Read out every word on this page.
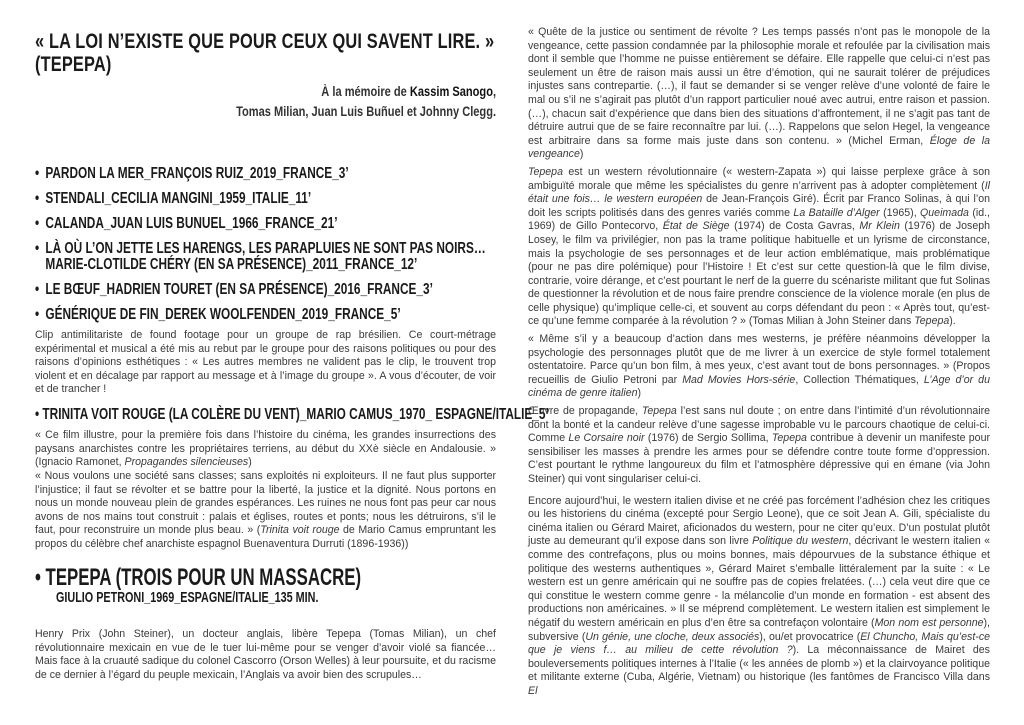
« LA LOI N’EXISTE QUE POUR CEUX QUI SAVENT LIRE. » (TEPEPA)
À la mémoire de Kassim Sanogo,
Tomas Milian, Juan Luis Buñuel et Johnny Clegg.
• PARDON LA MER_FRANÇOIS RUIZ_2019_FRANCE_3’
• STENDALI_CECILIA MANGINI_1959_ITALIE_11’
• CALANDA_JUAN LUIS BUNUEL_1966_FRANCE_21’
• LÀ OÙ L’ON JETTE LES HARENGS, LES PARAPLUIES NE SONT PAS NOIRS…
MARIE-CLOTILDE CHÉRY (EN SA PRÉSENCE)_2011_FRANCE_12’
• LE BŒUF_HADRIEN TOURET (EN SA PRÉSENCE)_2016_FRANCE_3’
• GÉNÉRIQUE DE FIN_DEREK WOOLFENDEN_2019_FRANCE_5’

Clip antimilitariste de found footage pour un groupe de rap brésilien. Ce court-métrage expérimental et musical a été mis au rebut par le groupe pour des raisons politiques ou pour des raisons d’opinions esthétiques : « Les autres membres ne valident pas le clip, le trouvent trop violent et en décalage par rapport au message et à l’image du groupe ». A vous d’écouter, de voir et de trancher !

• TRINITA VOIT ROUGE (LA COLÈRE DU VENT)_MARIO CAMUS_1970_ ESPAGNE/ITALIE_5’

« Ce film illustre, pour la première fois dans l’histoire du cinéma, les grandes insurrections des paysans anarchistes contre les propriétaires terriens, au début du XXè siècle en Andalousie. » (Ignacio Ramonet, Propagandes silencieuses)

« Nous voulons une société sans classes; sans exploités ni exploiteurs. Il ne faut plus supporter l’injustice; il faut se révolter et se battre pour la liberté, la justice et la dignité. Nous portons en nous un monde nouveau plein de grandes espérances. Les ruines ne nous font pas peur car nous avons de nos mains tout construit : palais et églises, routes et ponts; nous les détruirons, s’il le faut, pour reconstruire un monde plus beau. » (Trinita voit rouge de Mario Camus empruntant les propos du célèbre chef anarchiste espagnol Buenaventura Durruti (1896-1936))

• TEPEPA (TROIS POUR UN MASSACRE)
GIULIO PETRONI_1969_ESPAGNE/ITALIE_135 MIN.

Henry Prix (John Steiner), un docteur anglais, libère Tepepa (Tomas Milian), un chef révolutionnaire mexicain en vue de le tuer lui-même pour se venger d’avoir violé sa fiancée… Mais face à la cruauté sadique du colonel Cascorro (Orson Welles) à leur poursuite, et du racisme de ce dernier à l’égard du peuple mexicain, l’Anglais va avoir bien des scrupules…

« Quête de la justice ou sentiment de révolte ? Les temps passés n’ont pas le monopole de la vengeance, cette passion condamnée par la philosophie morale et refoulée par la civilisation mais dont il semble que l’homme ne puisse entièrement se défaire. Elle rappelle que celui-ci n’est pas seulement un être de raison mais aussi un être d’émotion, qui ne saurait tolérer de préjudices injustes sans contrepartie. (…), il faut se demander si se venger relève d’une volonté de faire le mal ou s’il ne s’agirait pas plutôt d’un rapport particulier noué avec autrui, entre raison et passion. (…), chacun sait d’expérience que dans bien des situations d’affrontement, il ne s’agit pas tant de détruire autrui que de se faire reconnaître par lui. (…). Rappelons que selon Hegel, la vengeance est arbitraire dans sa forme mais juste dans son contenu. » (Michel Erman, Éloge de la vengeance)

Tepepa est un western révolutionnaire (« western-Zapata ») qui laisse perplexe grâce à son ambiguïté morale que même les spécialistes du genre n’arrivent pas à adopter complètement (Il était une fois… le western européen de Jean-François Giré). Écrit par Franco Solinas, à qui l’on doit les scripts politisés dans des genres variés comme La Bataille d’Alger (1965), Queimada (id., 1969) de Gillo Pontecorvo, État de Siège (1974) de Costa Gavras, Mr Klein (1976) de Joseph Losey, le film va privilégier, non pas la trame politique habituelle et un lyrisme de circonstance, mais la psychologie de ses personnages et de leur action emblématique, mais problématique (pour ne pas dire polémique) pour l’Histoire ! Et c’est sur cette question-là que le film divise, contrarie, voire dérange, et c’est pourtant le nerf de la guerre du scénariste militant que fut Solinas de questionner la révolution et de nous faire prendre conscience de la violence morale (en plus de celle physique) qu’implique celle-ci, et souvent au corps défendant du peon : « Après tout, qu’est-ce qu’une femme comparée à la révolution ? » (Tomas Milian à John Steiner dans Tepepa).

« Même s’il y a beaucoup d’action dans mes westerns, je préfère néanmoins développer la psychologie des personnages plutôt que de me livrer à un exercice de style formel totalement ostentatoire. Parce qu’un bon film, à mes yeux, c’est avant tout de bons personnages. » (Propos recueillis de Giulio Petroni par Mad Movies Hors-série, Collection Thématiques, L’Age d’or du cinéma de genre italien)

Œuvre de propagande, Tepepa l’est sans nul doute ; on entre dans l’intimité d’un révolutionnaire dont la bonté et la candeur relève d’une sagesse improbable vu le parcours chaotique de celui-ci. Comme Le Corsaire noir (1976) de Sergio Sollima, Tepepa contribue à devenir un manifeste pour sensibiliser les masses à prendre les armes pour se défendre contre toute forme d’oppression. C’est pourtant le rythme langoureux du film et l’atmosphère dépressive qui en émane (via John Steiner) qui vont singulariser celui-ci.

Encore aujourd’hui, le western italien divise et ne créé pas forcément l’adhésion chez les critiques ou les historiens du cinéma (excepté pour Sergio Leone), que ce soit Jean A. Gili, spécialiste du cinéma italien ou Gérard Mairet, aficionados du western, pour ne citer qu’eux. D’un postulat plutôt juste au demeurant qu’il expose dans son livre Politique du western, décrivant le western italien « comme des contrefaçons, plus ou moins bonnes, mais dépourvues de la substance éthique et politique des westerns authentiques », Gérard Mairet s’emballe littéralement par la suite : « Le western est un genre américain qui ne souffre pas de copies frelatées. (…) cela veut dire que ce qui constitue le western comme genre - la mélancolie d’un monde en formation - est absent des productions non américaines. » Il se méprend complètement. Le western italien est simplement le négatif du western américain en plus d’en être sa contrefaçon volontaire (Mon nom est personne), subversive (Un génie, une cloche, deux associés), ou/et provocatrice (El Chuncho, Mais qu’est-ce que je viens f… au milieu de cette révolution ?). La méconnaissance de Mairet des bouleversements politiques internes à l’Italie (« les années de plomb ») et la clairvoyance politique et militante externe (Cuba, Algérie, Vietnam) ou historique (les fantômes de Francisco Villa dans El
